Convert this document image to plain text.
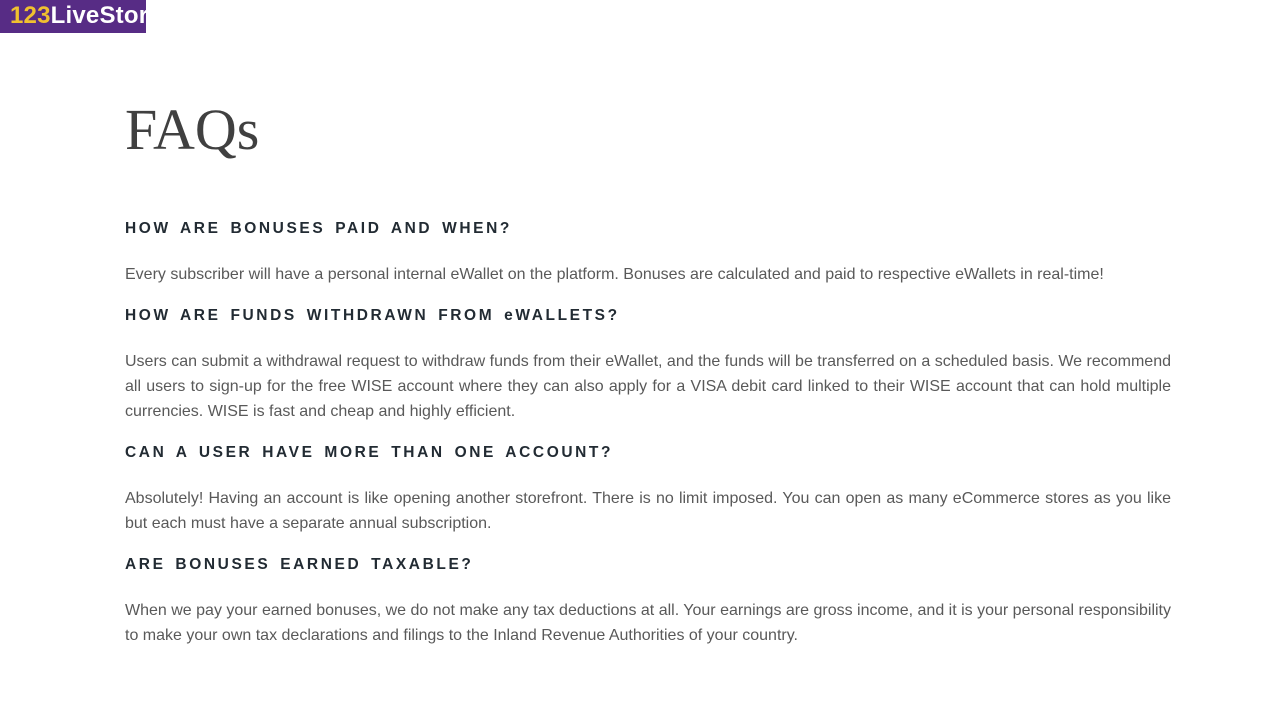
123LiveStore
FAQs
HOW ARE BONUSES PAID AND WHEN?

Every subscriber will have a personal internal eWallet on the platform. Bonuses are calculated and paid to respective eWallets in real-time!

HOW ARE FUNDS WITHDRAWN FROM eWALLETS?

Users can submit a withdrawal request to withdraw funds from their eWallet, and the funds will be transferred on a scheduled basis. We recommend all users to sign-up for the free WISE account where they can also apply for a VISA debit card linked to their WISE account that can hold multiple currencies. WISE is fast and cheap and highly efficient.

CAN A USER HAVE MORE THAN ONE ACCOUNT?

Absolutely! Having an account is like opening another storefront. There is no limit imposed. You can open as many eCommerce stores as you like but each must have a separate annual subscription.

ARE BONUSES EARNED TAXABLE?

When we pay your earned bonuses, we do not make any tax deductions at all. Your earnings are gross income, and it is your personal responsibility to make your own tax declarations and filings to the Inland Revenue Authorities of your country.
